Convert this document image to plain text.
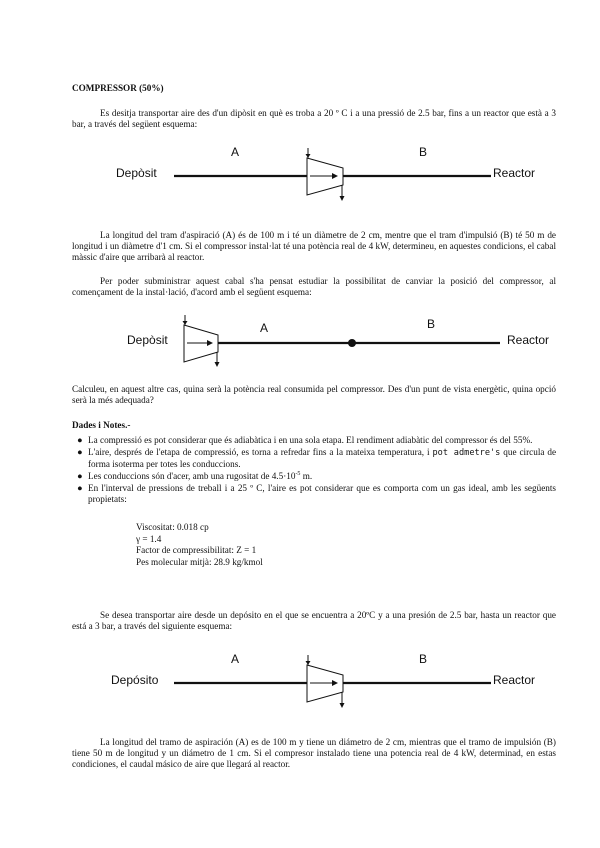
COMPRESSOR (50%)
Es desitja transportar aire des d'un dipòsit en què es troba a 20 º C i a una pressió de 2.5 bar, fins a un reactor que està a 3 bar, a través del següent esquema:
Depòsit	Reactor
A	B
La longitud del tram d'aspiració (A) és de 100 m i té un diàmetre de 2 cm, mentre que el tram d'impulsió (B) té 50 m de longitud i un diàmetre d'1 cm. Si el compressor instal·lat té una potència real de 4 kW, determineu, en aquestes condicions, el cabal màssic d'aire que arribarà al reactor.
Per poder subministrar aquest cabal s'ha pensat estudiar la possibilitat de canviar la posició del compressor, al començament de la instal·lació, d'acord amb el següent esquema:
Depòsit	Reactor
A	B
Calculeu, en aquest altre cas, quina serà la potència real consumida pel compressor. Des d'un punt de vista energètic, quina opció serà la més adequada?
Dades i Notes.-
● La compressió es pot considerar que és adiabàtica i en una sola etapa. El rendiment adiabàtic del compressor és del 55%.
● L'aire, després de l'etapa de compressió, es torna a refredar fins a la mateixa temperatura, i pot admetre's que circula de forma isoterma per totes les conduccions.
● Les conduccions són d'acer, amb una rugositat de $4.5\cdot 10^{-5}$ m.
● En l'interval de pressions de treball i a 25 º C, l'aire es pot considerar que es comporta com un gas ideal, amb les següents propietats:
Viscositat: 0.018 cp
γ = 1.4
Factor de compressibilitat: Z = 1
Pes molecular mitjà: 28.9 kg/kmol
Se desea transportar aire desde un depósito en el que se encuentra a 20ºC y a una presión de 2.5 bar, hasta un reactor que está a 3 bar, a través del siguiente esquema:
Depósito	Reactor
A	B
La longitud del tramo de aspiración (A) es de 100 m y tiene un diámetro de 2 cm, mientras que el tramo de impulsión (B) tiene 50 m de longitud y un diámetro de 1 cm. Si el compresor instalado tiene una potencia real de 4 kW, determinad, en estas condiciones, el caudal másico de aire que llegará al reactor.
